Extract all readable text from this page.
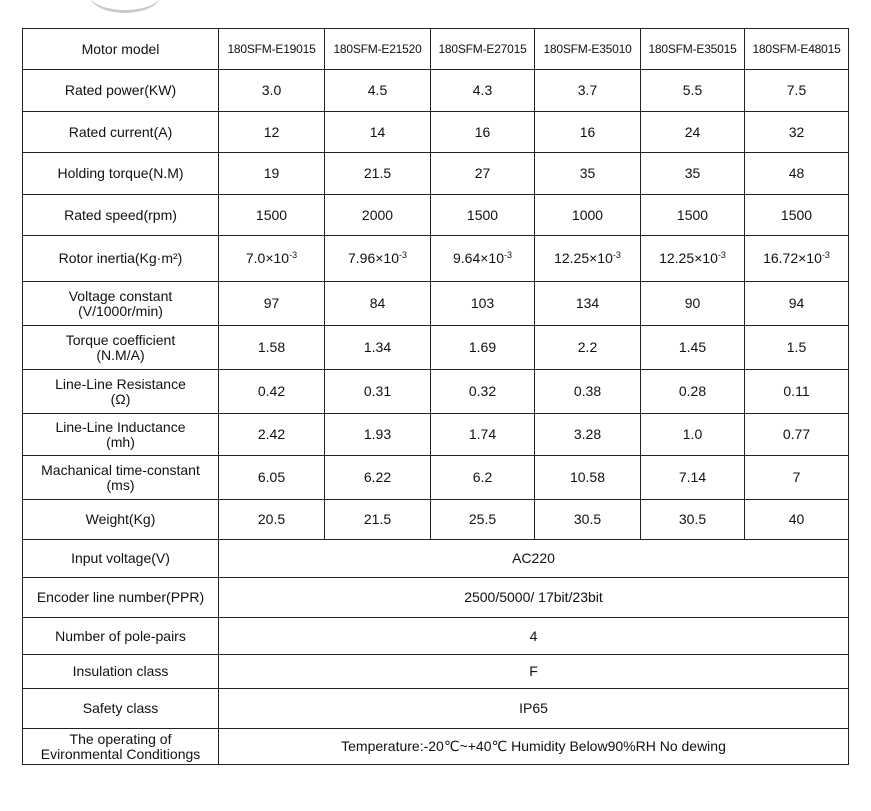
Motor model	180SFM-E19015	180SFM-E21520	180SFM-E27015	180SFM-E35010	180SFM-E35015	180SFM-E48015

Rated power(KW)	3.0	4.5	4.3	3.7	5.5	7.5

Rated current(A)	12	14	16	16	24	32

Holding torque(N.M)	19	21.5	27	35	35	48

Rated speed(rpm)	1500	2000	1500	1000	1500	1500

Rotor inertia(Kg·m²)	$7.0\times 10^{-3}$	$7.96\times 10^{-3}$	$9.64\times 10^{-3}$	$12.25\times 10^{-3}$	$12.25\times 10^{-3}$	$16.72\times 10^{-3}$

Voltage constant
(V/1000r/min)	97	84	103	134	90	94

Torque coefficient
(N.M/A)	1.58	1.34	1.69	2.2	1.45	1.5

Line-Line Resistance
(Ω)	0.42	0.31	0.32	0.38	0.28	0.11

Line-Line Inductance
(mh)	2.42	1.93	1.74	3.28	1.0	0.77

Machanical time-constant
(ms)	6.05	6.22	6.2	10.58	7.14	7

Weight(Kg)	20.5	21.5	25.5	30.5	30.5	40

Input voltage(V)	AC220					

Encoder line number(PPR)	2500/5000/ 17bit/23bit					

Number of pole-pairs	4					

Insulation class	F					

Safety class	IP65					

The operating of
Evironmental Conditiongs	Temperature:-20℃~+40℃ Humidity Below90%RH No dewing					
